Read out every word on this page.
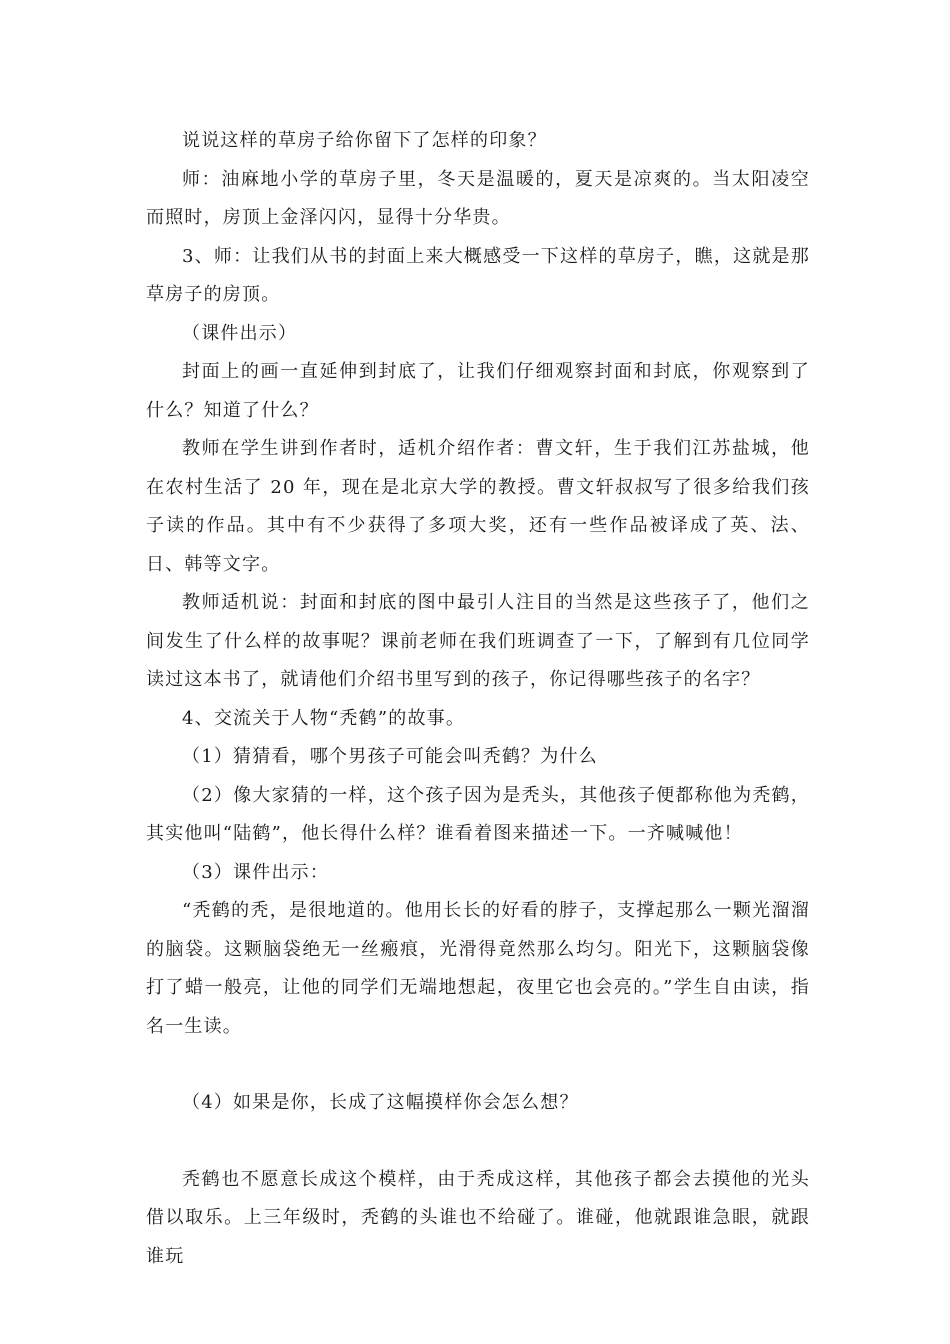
说说这样的草房子给你留下了怎样的印象？

师：油麻地小学的草房子里，冬天是温暖的，夏天是凉爽的。当太阳凌空而照时，房顶上金泽闪闪，显得十分华贵。

3、师：让我们从书的封面上来大概感受一下这样的草房子，瞧，这就是那草房子的房顶。

（课件出示）

封面上的画一直延伸到封底了，让我们仔细观察封面和封底，你观察到了什么？知道了什么？

教师在学生讲到作者时，适机介绍作者：曹文轩，生于我们江苏盐城，他在农村生活了 20 年，现在是北京大学的教授。曹文轩叔叔写了很多给我们孩子读的作品。其中有不少获得了多项大奖，还有一些作品被译成了英、法、日、韩等文字。

教师适机说：封面和封底的图中最引人注目的当然是这些孩子了，他们之间发生了什么样的故事呢？课前老师在我们班调查了一下，了解到有几位同学读过这本书了，就请他们介绍书里写到的孩子，你记得哪些孩子的名字？

4、交流关于人物“秃鹤”的故事。

（1）猜猜看，哪个男孩子可能会叫秃鹤？为什么

（2）像大家猜的一样，这个孩子因为是秃头，其他孩子便都称他为秃鹤，其实他叫“陆鹤”，他长得什么样？谁看着图来描述一下。一齐喊喊他！

（3）课件出示：

“秃鹤的秃，是很地道的。他用长长的好看的脖子，支撑起那么一颗光溜溜的脑袋。这颗脑袋绝无一丝瘢痕，光滑得竟然那么均匀。阳光下，这颗脑袋像打了蜡一般亮，让他的同学们无端地想起，夜里它也会亮的。”学生自由读，指名一生读。

（4）如果是你，长成了这幅摸样你会怎么想？

秃鹤也不愿意长成这个模样，由于秃成这样，其他孩子都会去摸他的光头借以取乐。上三年级时，秃鹤的头谁也不给碰了。谁碰，他就跟谁急眼，就跟谁玩
